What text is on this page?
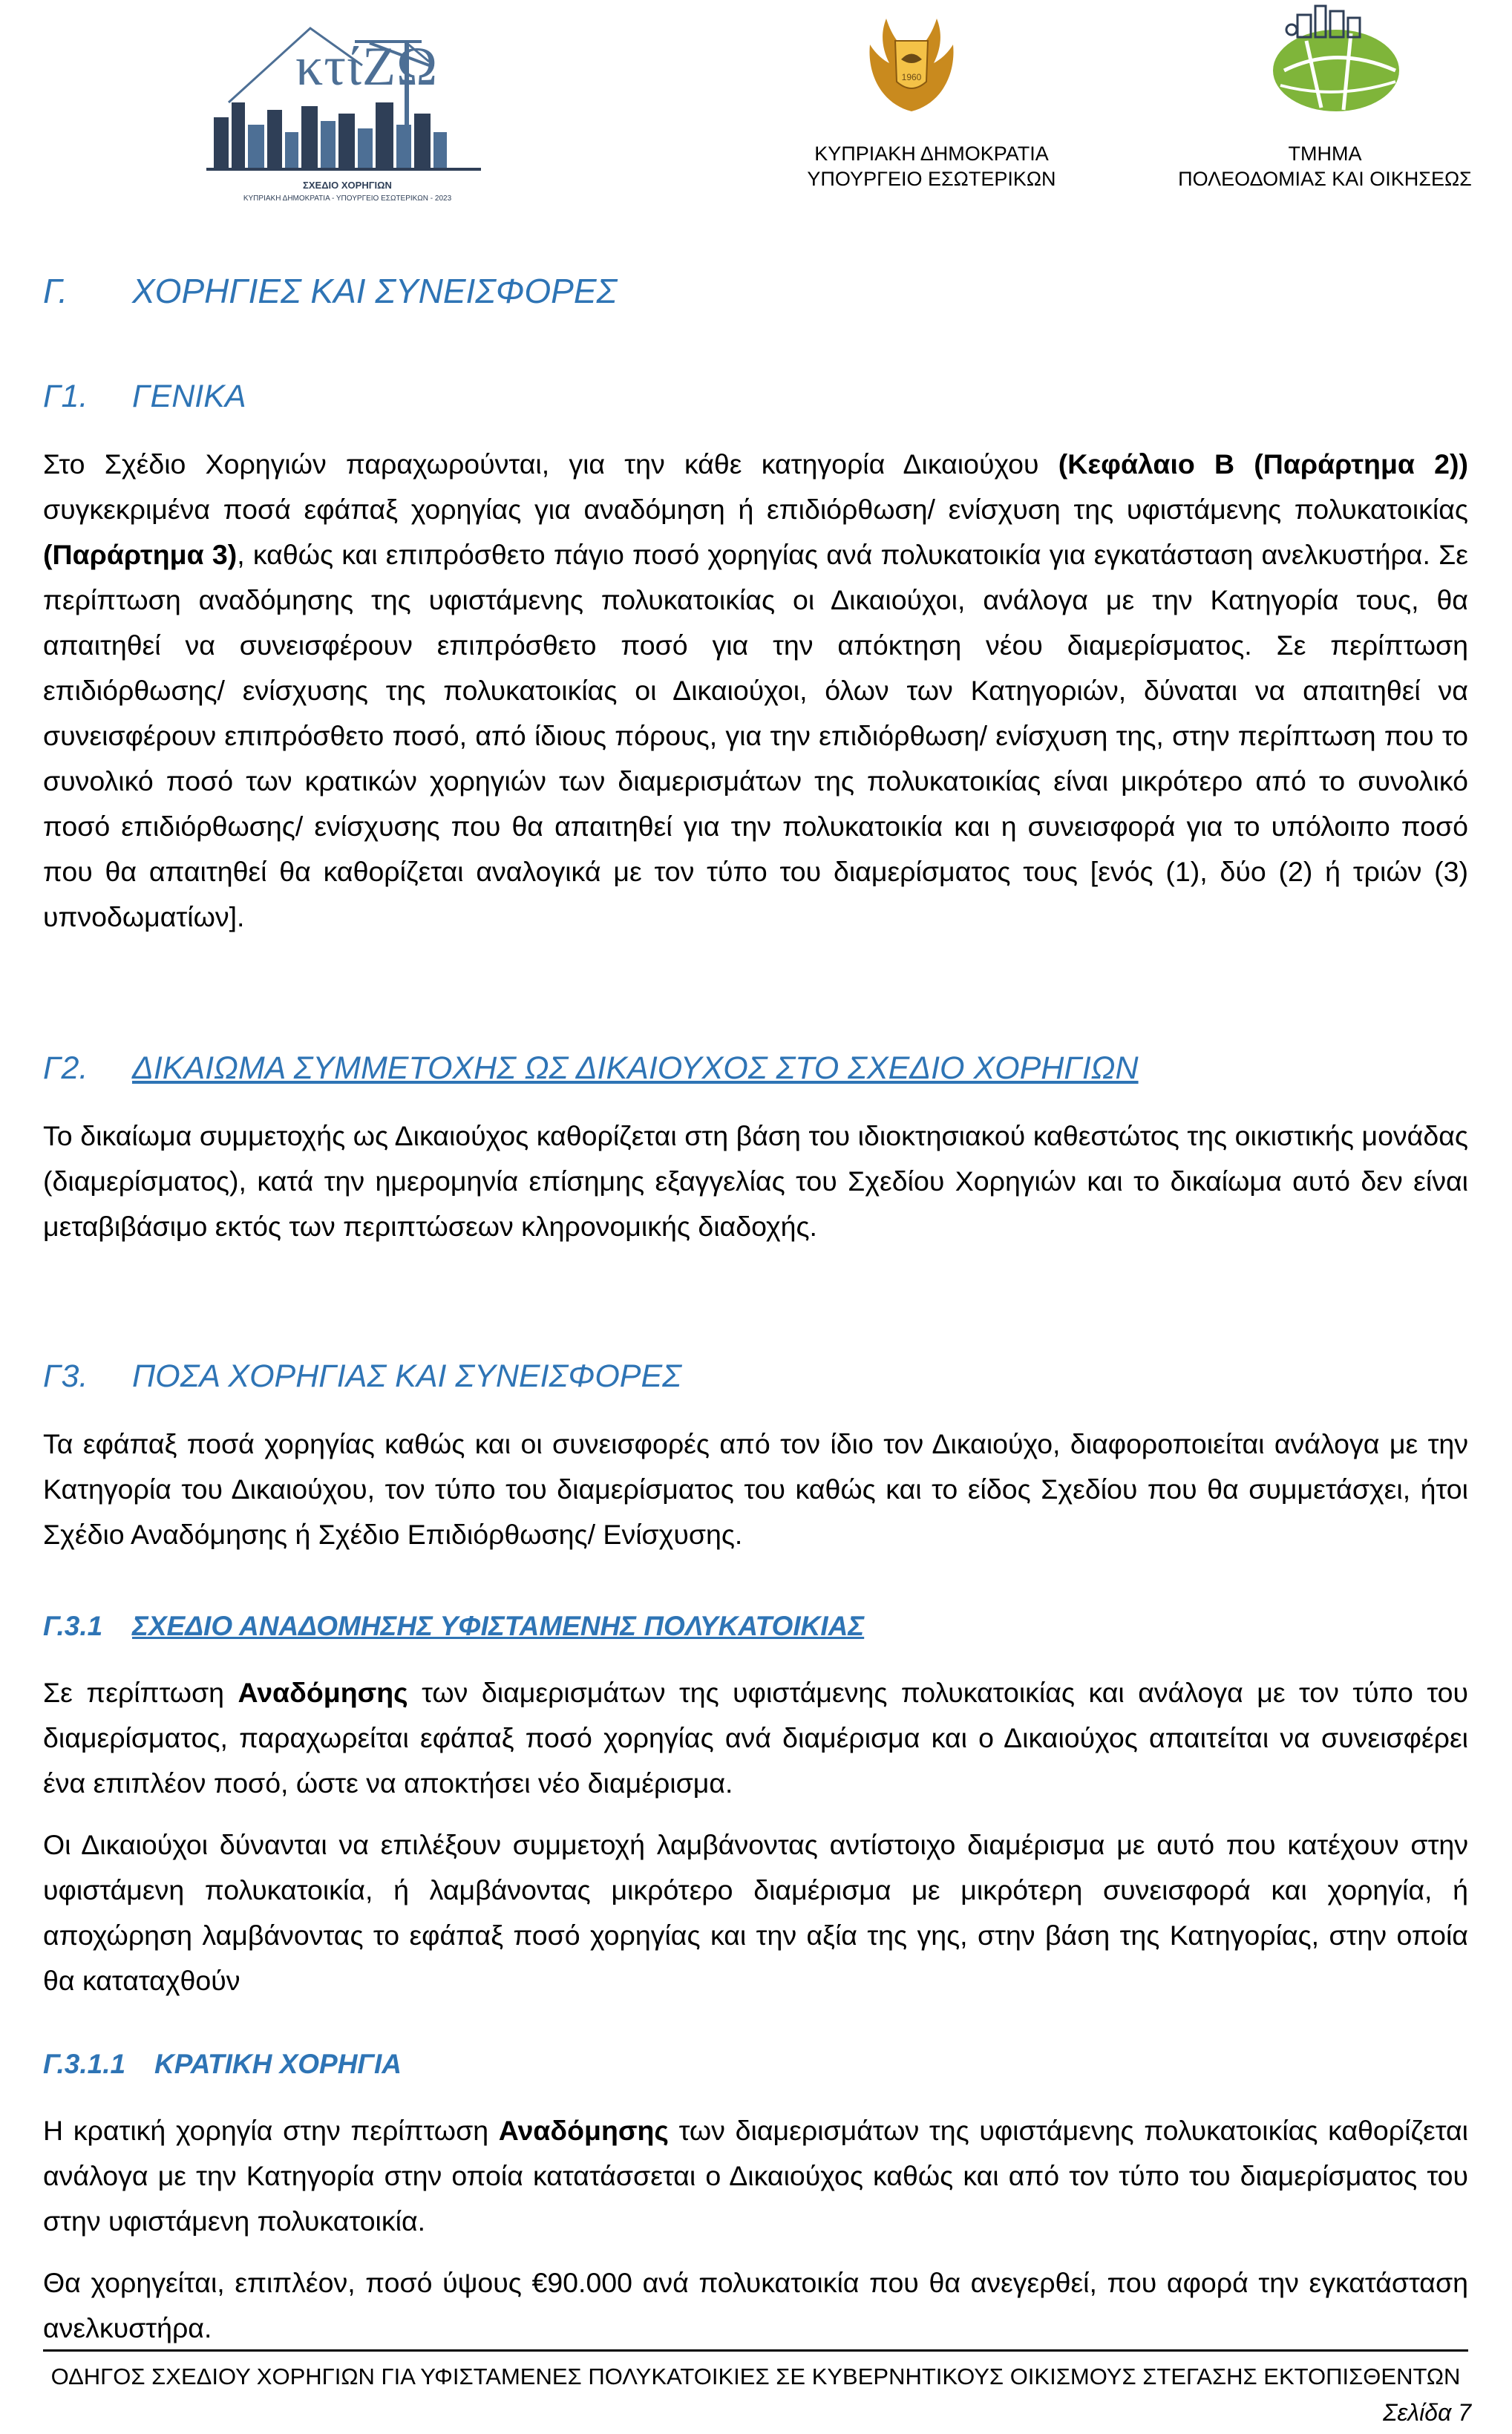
κτίΖΩ
ΣΧΕΔΙΟ ΧΟΡΗΓΙΩΝ
ΚΥΠΡΙΑΚΗ ΔΗΜΟΚΡΑΤΙΑ - ΥΠΟΥΡΓΕΙΟ ΕΣΩΤΕΡΙΚΩΝ - 2023
1960
ΚΥΠΡΙΑΚΗ ΔΗΜΟΚΡΑΤΙΑ
ΥΠΟΥΡΓΕΙΟ ΕΣΩΤΕΡΙΚΩΝ
ΤΜΗΜΑ
ΠΟΛΕΟΔΟΜΙΑΣ ΚΑΙ ΟΙΚΗΣΕΩΣ
Γ. ΧΟΡΗΓΙΕΣ ΚΑΙ ΣΥΝΕΙΣΦΟΡΕΣ
Γ1. ΓΕΝΙΚΑ
Στο Σχέδιο Χορηγιών παραχωρούνται, για την κάθε κατηγορία Δικαιούχου (Κεφάλαιο Β (Παράρτημα 2)) συγκεκριμένα ποσά εφάπαξ χορηγίας για αναδόμηση ή επιδιόρθωση/ ενίσχυση της υφιστάμενης πολυκατοικίας (Παράρτημα 3), καθώς και επιπρόσθετο πάγιο ποσό χορηγίας ανά πολυκατοικία για εγκατάσταση ανελκυστήρα. Σε περίπτωση αναδόμησης της υφιστάμενης πολυκατοικίας οι Δικαιούχοι, ανάλογα με την Κατηγορία τους, θα απαιτηθεί να συνεισφέρουν επιπρόσθετο ποσό για την απόκτηση νέου διαμερίσματος. Σε περίπτωση επιδιόρθωσης/ ενίσχυσης της πολυκατοικίας οι Δικαιούχοι, όλων των Κατηγοριών, δύναται να απαιτηθεί να συνεισφέρουν επιπρόσθετο ποσό, από ίδιους πόρους, για την επιδιόρθωση/ ενίσχυση της, στην περίπτωση που το συνολικό ποσό των κρατικών χορηγιών των διαμερισμάτων της πολυκατοικίας είναι μικρότερο από το συνολικό ποσό επιδιόρθωσης/ ενίσχυσης που θα απαιτηθεί για την πολυκατοικία και η συνεισφορά για το υπόλοιπο ποσό που θα απαιτηθεί θα καθορίζεται αναλογικά με τον τύπο του διαμερίσματος τους [ενός (1), δύο (2) ή τριών (3) υπνοδωματίων].
Γ2. ΔΙΚΑΙΩΜΑ ΣΥΜΜΕΤΟΧΗΣ ΩΣ ΔΙΚΑΙΟΥΧΟΣ ΣΤΟ ΣΧΕΔΙΟ ΧΟΡΗΓΙΩΝ
Το δικαίωμα συμμετοχής ως Δικαιούχος καθορίζεται στη βάση του ιδιοκτησιακού καθεστώτος της οικιστικής μονάδας (διαμερίσματος), κατά την ημερομηνία επίσημης εξαγγελίας του Σχεδίου Χορηγιών και το δικαίωμα αυτό δεν είναι μεταβιβάσιμο εκτός των περιπτώσεων κληρονομικής διαδοχής.
Γ3. ΠΟΣΑ ΧΟΡΗΓΙΑΣ ΚΑΙ ΣΥΝΕΙΣΦΟΡΕΣ
Τα εφάπαξ ποσά χορηγίας καθώς και οι συνεισφορές από τον ίδιο τον Δικαιούχο, διαφοροποιείται ανάλογα με την Κατηγορία του Δικαιούχου, τον τύπο του διαμερίσματος του καθώς και το είδος Σχεδίου που θα συμμετάσχει, ήτοι Σχέδιο Αναδόμησης ή Σχέδιο Επιδιόρθωσης/ Ενίσχυσης.
Γ.3.1 ΣΧΕΔΙΟ ΑΝΑΔΟΜΗΣΗΣ ΥΦΙΣΤΑΜΕΝΗΣ ΠΟΛΥΚΑΤΟΙΚΙΑΣ
Σε περίπτωση Αναδόμησης των διαμερισμάτων της υφιστάμενης πολυκατοικίας και ανάλογα με τον τύπο του διαμερίσματος, παραχωρείται εφάπαξ ποσό χορηγίας ανά διαμέρισμα και ο Δικαιούχος απαιτείται να συνεισφέρει ένα επιπλέον ποσό, ώστε να αποκτήσει νέο διαμέρισμα.
Οι Δικαιούχοι δύνανται να επιλέξουν συμμετοχή λαμβάνοντας αντίστοιχο διαμέρισμα με αυτό που κατέχουν στην υφιστάμενη πολυκατοικία, ή λαμβάνοντας μικρότερο διαμέρισμα με μικρότερη συνεισφορά και χορηγία, ή αποχώρηση λαμβάνοντας το εφάπαξ ποσό χορηγίας και την αξία της γης, στην βάση της Κατηγορίας, στην οποία θα καταταχθούν
Γ.3.1.1 ΚΡΑΤΙΚΗ ΧΟΡΗΓΙΑ
Η κρατική χορηγία στην περίπτωση Αναδόμησης των διαμερισμάτων της υφιστάμενης πολυκατοικίας καθορίζεται ανάλογα με την Κατηγορία στην οποία κατατάσσεται ο Δικαιούχος καθώς και από τον τύπο του διαμερίσματος του στην υφιστάμενη πολυκατοικία.
Θα χορηγείται, επιπλέον, ποσό ύψους €90.000 ανά πολυκατοικία που θα ανεγερθεί, που αφορά την εγκατάσταση ανελκυστήρα.
ΟΔΗΓΟΣ ΣΧΕΔΙΟΥ ΧΟΡΗΓΙΩΝ ΓΙΑ ΥΦΙΣΤΑΜΕΝΕΣ ΠΟΛΥΚΑΤΟΙΚΙΕΣ ΣΕ ΚΥΒΕΡΝΗΤΙΚΟΥΣ ΟΙΚΙΣΜΟΥΣ ΣΤΕΓΑΣΗΣ ΕΚΤΟΠΙΣΘΕΝΤΩΝ
Σελίδα 7
